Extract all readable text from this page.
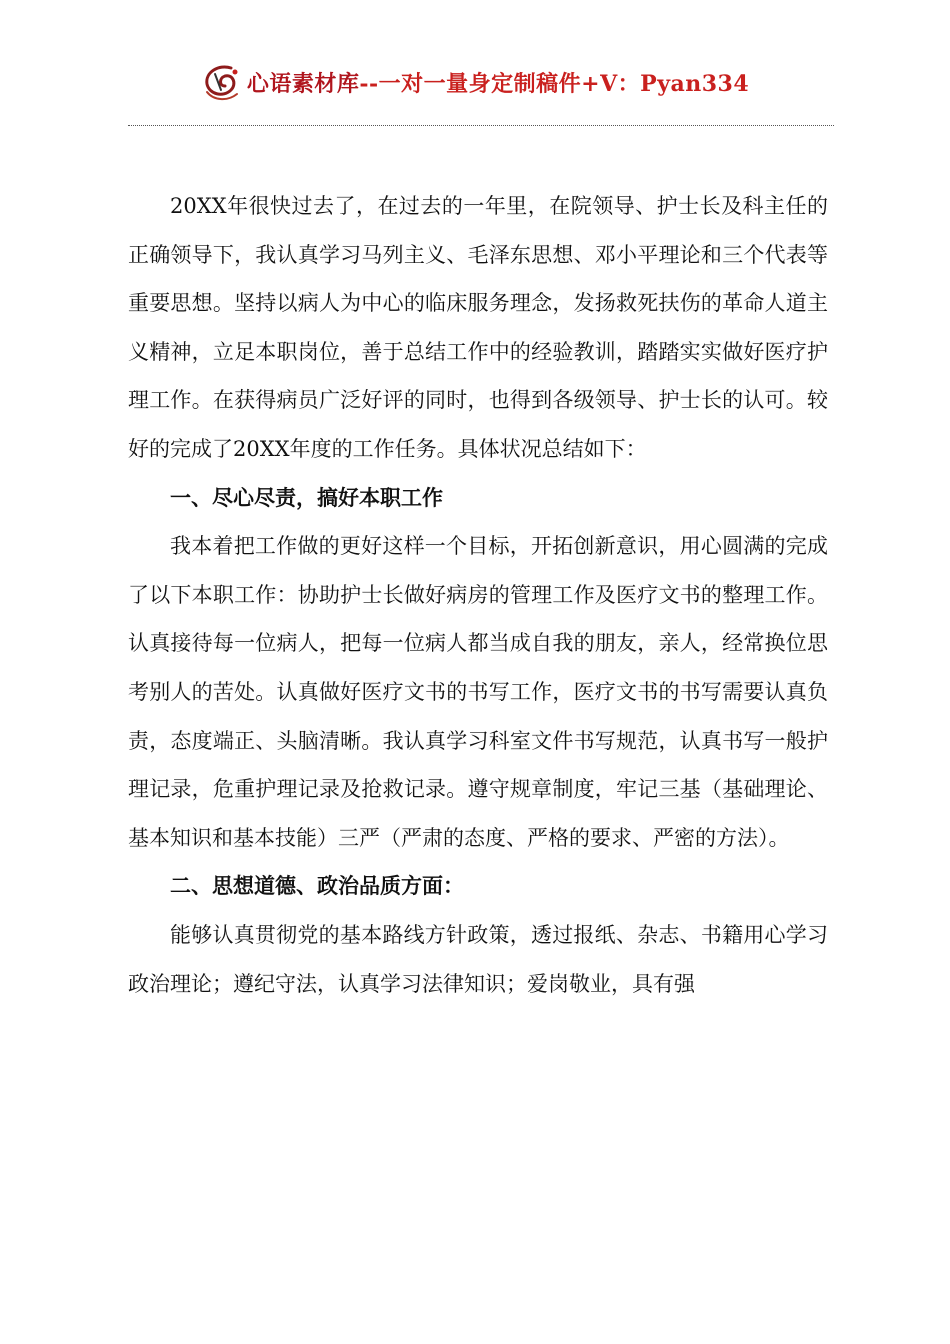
心语素材库--一对一量身定制稿件+V：Pyan334

20XX年很快过去了，在过去的一年里，在院领导、护士长及科主任的正确领导下，我认真学习马列主义、毛泽东思想、邓小平理论和三个代表等重要思想。坚持以病人为中心的临床服务理念，发扬救死扶伤的革命人道主义精神，立足本职岗位，善于总结工作中的经验教训，踏踏实实做好医疗护理工作。在获得病员广泛好评的同时，也得到各级领导、护士长的认可。较好的完成了20XX年度的工作任务。具体状况总结如下：

一、尽心尽责，搞好本职工作

我本着把工作做的更好这样一个目标，开拓创新意识，用心圆满的完成了以下本职工作：协助护士长做好病房的管理工作及医疗文书的整理工作。认真接待每一位病人，把每一位病人都当成自我的朋友，亲人，经常换位思考别人的苦处。认真做好医疗文书的书写工作，医疗文书的书写需要认真负责，态度端正、头脑清晰。我认真学习科室文件书写规范，认真书写一般护理记录，危重护理记录及抢救记录。遵守规章制度，牢记三基（基础理论、基本知识和基本技能）三严（严肃的态度、严格的要求、严密的方法）。

二、思想道德、政治品质方面：

能够认真贯彻党的基本路线方针政策，透过报纸、杂志、书籍用心学习政治理论；遵纪守法，认真学习法律知识；爱岗敬业，具有强
